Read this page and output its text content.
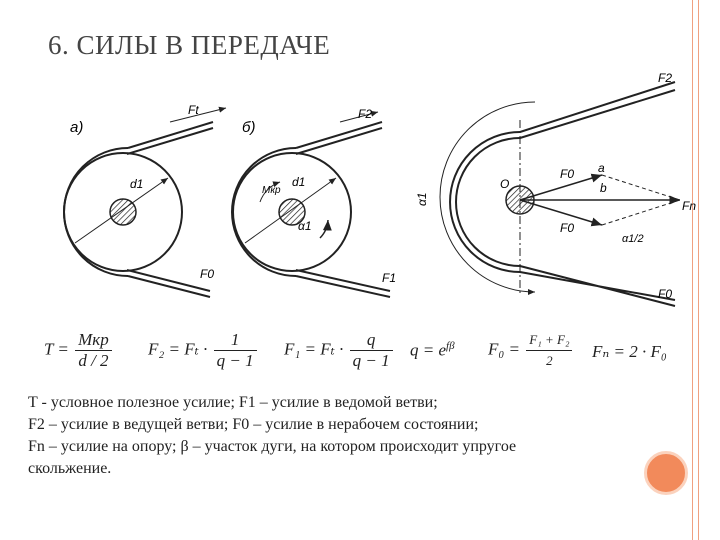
6. СИЛЫ В ПЕРЕДАЧЕ
а)
d1
Ft
F0
б)
d1
Мкр
α1
F2
F1
α1
O
a
b
F0
F0
Fn
α1/2
F2
F0
$T = \frac{\text{Мкр}}{d / 2} F_2 = F_t \cdot \frac{1}{q - 1} F_1 = F_t \cdot \frac{q}{q - 1}$ $q = e^{f\beta}$ $F_0 = \frac{\text{F₁ + F₂}}{2}$ Fₙ = 2 · F₀

T - условное полезное усилие; F1 – усилие в ведомой ветви;

F2 – усилие в ведущей ветви; F0 – усилие в нерабочем состоянии;

Fn – усилие на опору; β – участок дуги, на котором происходит упругое

скольжение.
